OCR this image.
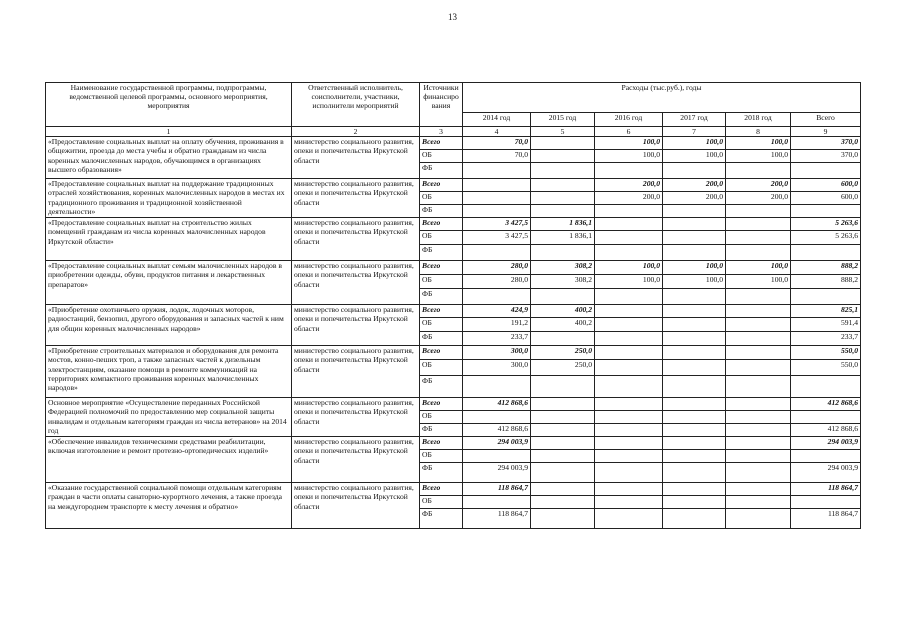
13
Наименование государственной программы, подпрограммы, ведомственной целевой программы, основного мероприятия, мероприятия	Ответственный исполнитель, соисполнители, участники, исполнители мероприятий	Источники финансиро вания	Расходы (тыс.руб.), годы					
			2014 год	2015 год	2016 год	2017 год	2018 год	Всего
1	2	3	4	5	6	7	8	9
«Предоставление социальных выплат на оплату обучения, проживания в общежитии, проезда до места учебы и обратно гражданам из числа коренных малочисленных народов, обучающимся в организациях высшего образования»	министерство социального развития, опеки и попечительства Иркутской области	Всего	70,0		100,0	100,0	100,0	370,0
		ОБ	70,0		100,0	100,0	100,0	370,0
		ФБ						
«Предоставление социальных выплат на поддержание традиционных отраслей хозяйствования, коренных малочисленных народов в местах их традиционного проживания и традиционной хозяйственной деятельности»	министерство социального развития, опеки и попечительства Иркутской области	Всего			200,0	200,0	200,0	600,0
		ОБ			200,0	200,0	200,0	600,0
		ФБ						
«Предоставление социальных выплат на строительство жилых помещений гражданам из числа коренных малочисленных народов Иркутской области»	министерство социального развития, опеки и попечительства Иркутской области	Всего	3 427,5	1 836,1				5 263,6
		ОБ	3 427,5	1 836,1				5 263,6
		ФБ						
«Предоставление социальных выплат семьям малочисленных народов в приобретении одежды, обуви, продуктов питания и лекарственных препаратов»	министерство социального развития, опеки и попечительства Иркутской области	Всего	280,0	308,2	100,0	100,0	100,0	888,2
		ОБ	280,0	308,2	100,0	100,0	100,0	888,2
		ФБ						
«Приобретение охотничьего оружия, лодок, лодочных моторов, радиостанций, бензопил, другого оборудования и запасных частей к ним для общин коренных малочисленных народов»	министерство социального развития, опеки и попечительства Иркутской области	Всего	424,9	400,2				825,1
		ОБ	191,2	400,2				591,4
		ФБ	233,7					233,7
«Приобретение строительных материалов и оборудования для ремонта мостов, конно-пеших троп, а также запасных частей к дизельным электростанциям, оказание помощи в ремонте коммуникаций на территориях компактного проживания коренных малочисленных народов»	министерство социального развития, опеки и попечительства Иркутской области	Всего	300,0	250,0				550,0
		ОБ	300,0	250,0				550,0
		ФБ						
Основное мероприятие «Осуществление переданных Российской Федерацией полномочий по предоставлению мер социальной защиты инвалидам и отдельным категориям граждан из числа ветеранов» на 2014 год	министерство социального развития, опеки и попечительства Иркутской области	Всего	412 868,6					412 868,6
		ОБ						
		ФБ	412 868,6					412 868,6
«Обеспечение инвалидов техническими средствами реабилитации, включая изготовление и ремонт протезно-ортопедических изделий»	министерство социального развития, опеки и попечительства Иркутской области	Всего	294 003,9					294 003,9
		ОБ						
		ФБ	294 003,9					294 003,9
«Оказание государственной социальной помощи отдельным категориям граждан в части оплаты санаторно-курортного лечения, а также проезда на междугороднем транспорте к месту лечения и обратно»	министерство социального развития, опеки и попечительства Иркутской области	Всего	118 864,7					118 864,7
		ОБ						
		ФБ	118 864,7					118 864,7
